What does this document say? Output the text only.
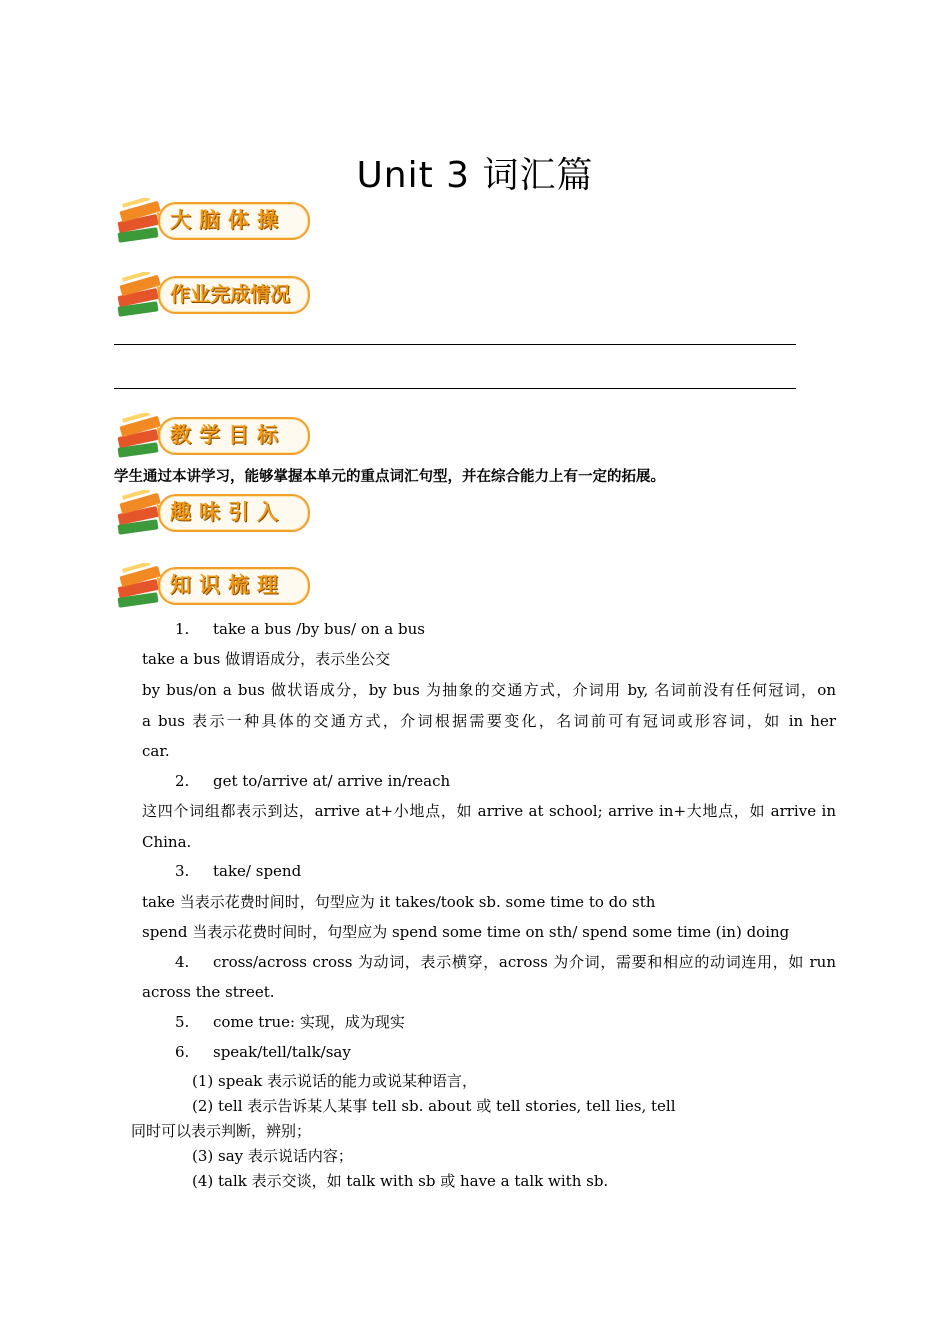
Unit 3 词汇篇
大脑体操
作业完成情况
教学目标
学生通过本讲学习，能够掌握本单元的重点词汇句型，并在综合能力上有一定的拓展。
趣味引入
知识梳理
1. take a bus /by bus/ on a bus
take a bus 做谓语成分，表示坐公交
by bus/on a bus 做状语成分，by bus 为抽象的交通方式，介词用 by, 名词前没有任何冠词，on
a bus 表示一种具体的交通方式，介词根据需要变化，名词前可有冠词或形容词，如 in her
car.
2. get to/arrive at/ arrive in/reach
这四个词组都表示到达，arrive at+小地点，如 arrive at school; arrive in+大地点，如 arrive in
China.
3. take/ spend
take 当表示花费时间时，句型应为 it takes/took sb. some time to do sth
spend 当表示花费时间时，句型应为 spend some time on sth/ spend some time (in) doing
4. cross/across cross 为动词，表示横穿，across 为介词，需要和相应的动词连用，如 run
across the street.
5. come true: 实现，成为现实
6. speak/tell/talk/say
(1) speak 表示说话的能力或说某种语言，
(2) tell 表示告诉某人某事 tell sb. about 或 tell stories, tell lies, tell
同时可以表示判断，辨别；
(3) say 表示说话内容；
(4) talk 表示交谈，如 talk with sb 或 have a talk with sb.
